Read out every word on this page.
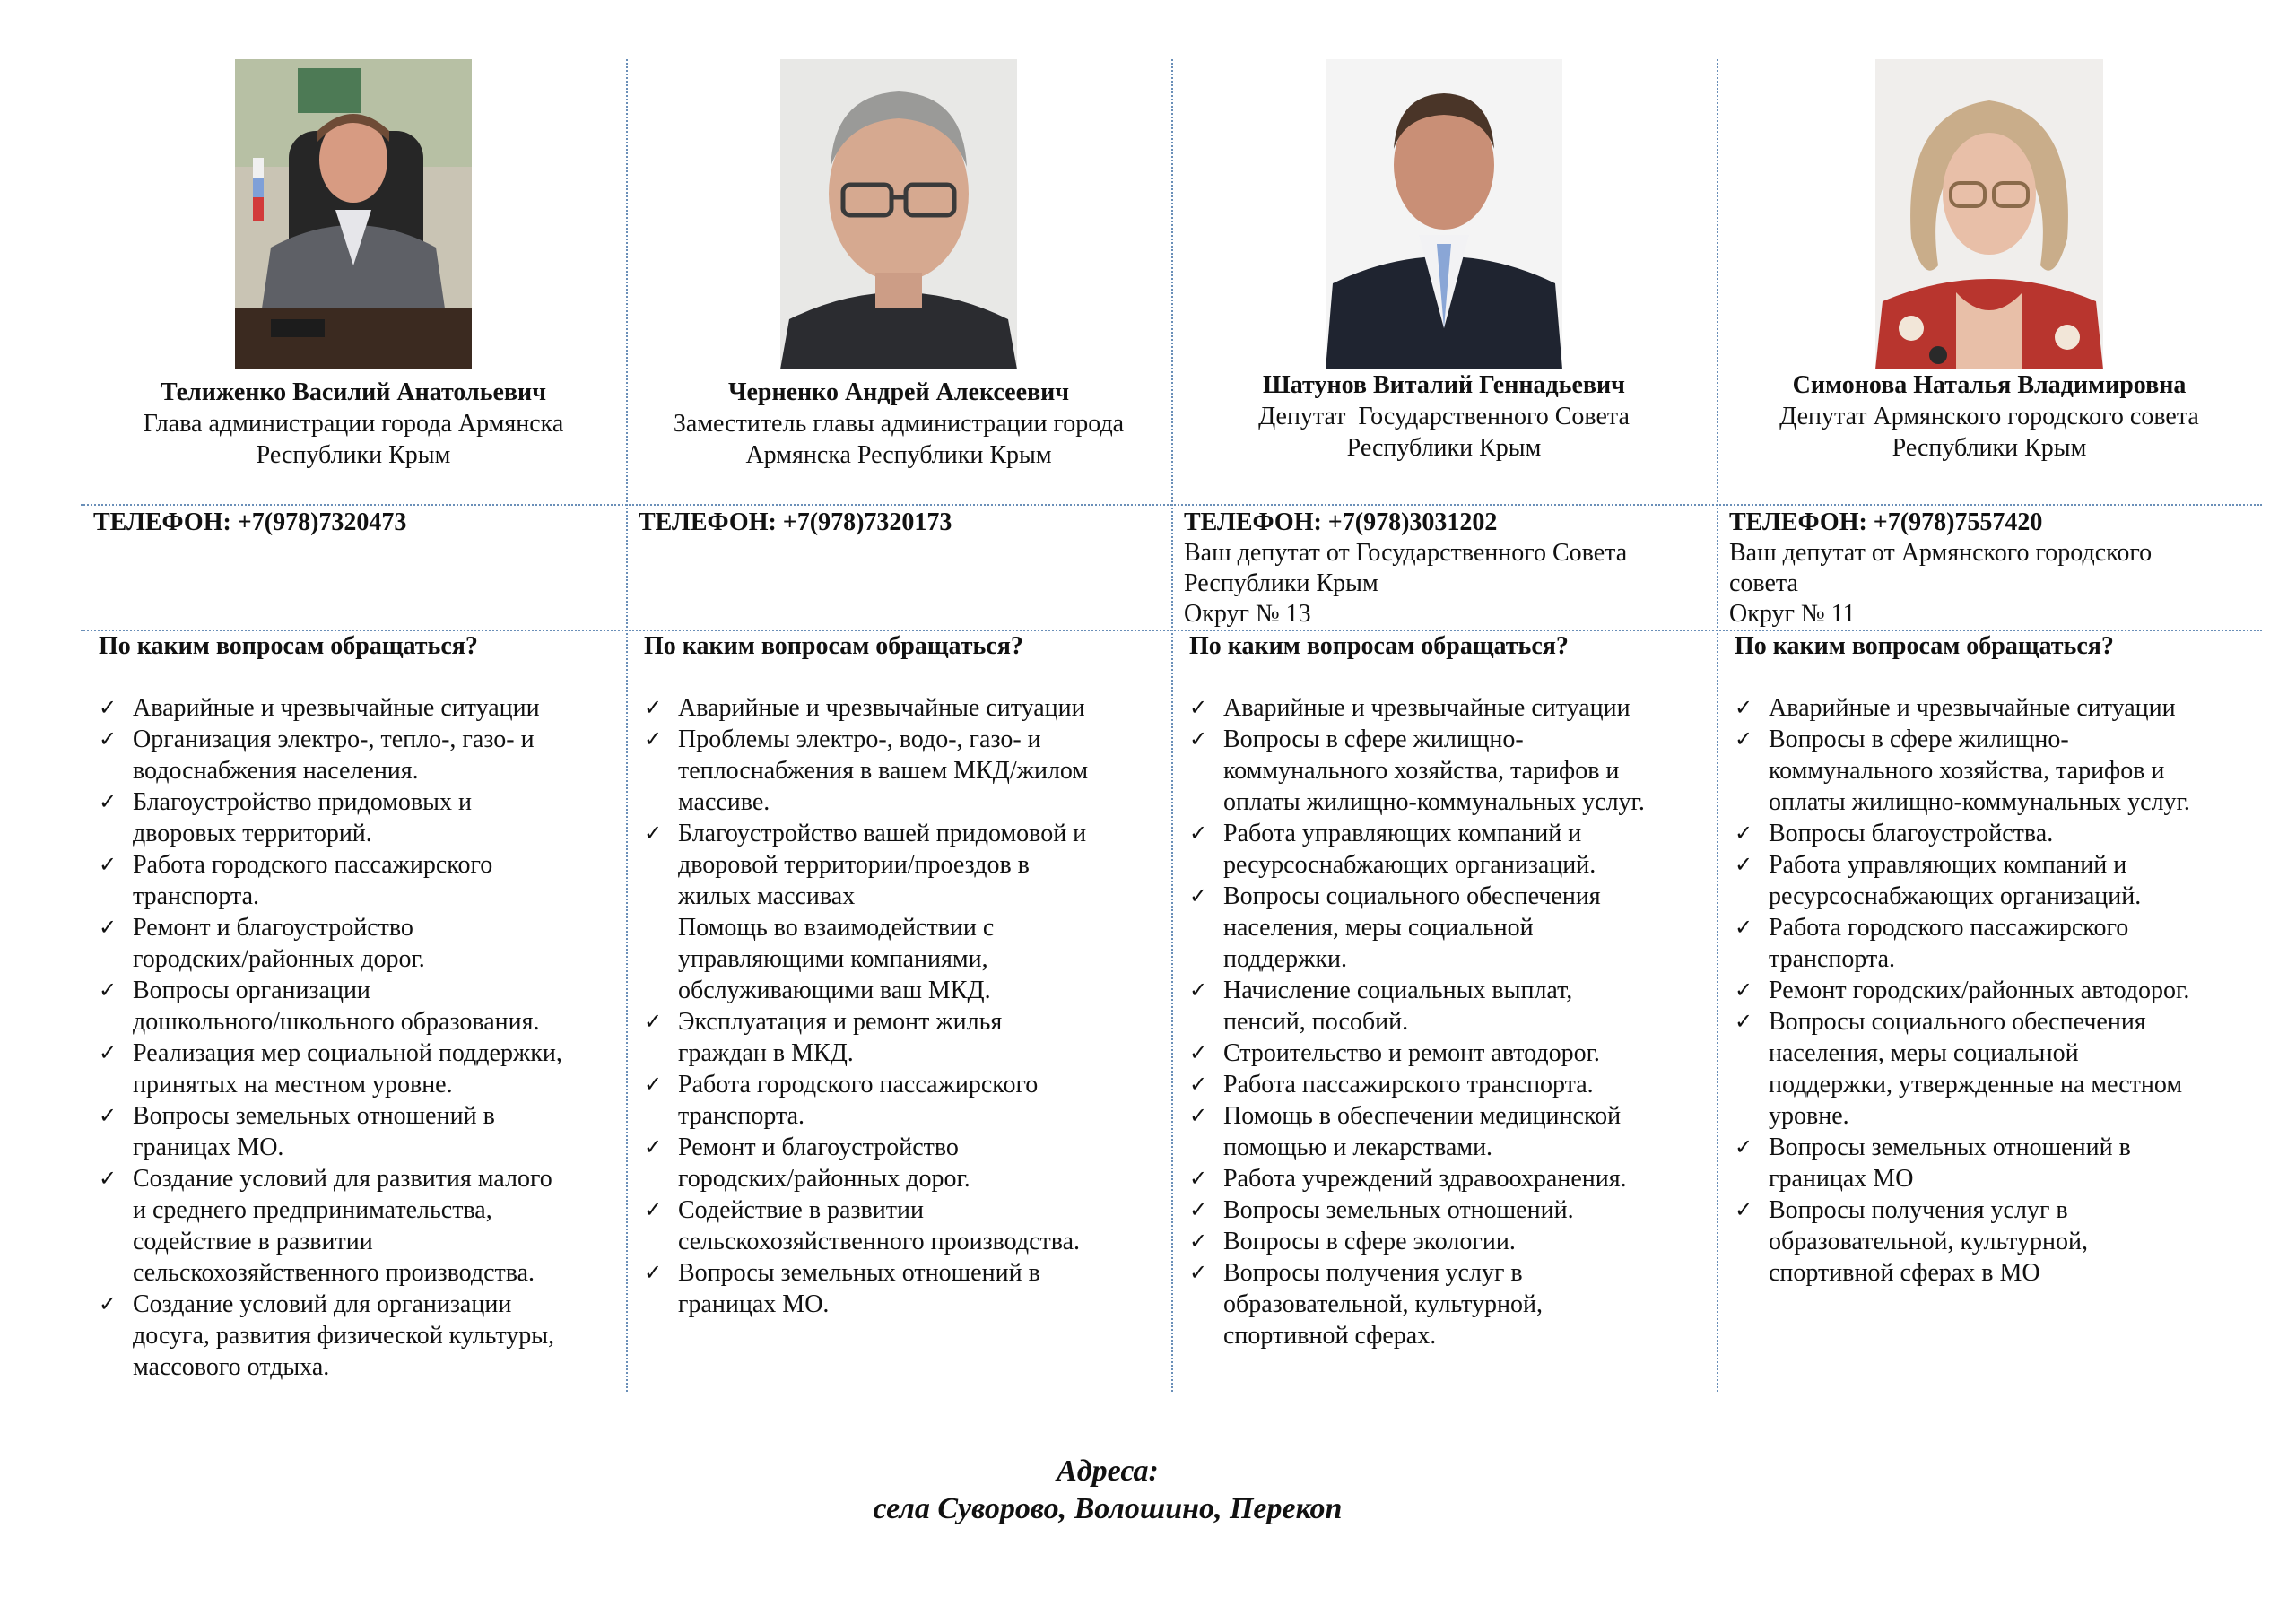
Телиженко Василий Анатольевич
Глава администрации города Армянска
Республики Крым
ТЕЛЕФОН: +7(978)7320473
По каким вопросам обращаться?
✓ Аварийные и чрезвычайные ситуации
✓ Организация электро-, тепло-, газо- и
водоснабжения населения.
✓ Благоустройство придомовых и
дворовых территорий.
✓ Работа городского пассажирского
транспорта.
✓ Ремонт и благоустройство
городских/районных дорог.
✓ Вопросы организации
дошкольного/школьного образования.
✓ Реализация мер социальной поддержки,
принятых на местном уровне.
✓ Вопросы земельных отношений в
границах МО.
✓ Создание условий для развития малого
и среднего предпринимательства,
содействие в развитии
сельскохозяйственного производства.
✓ Создание условий для организации
досуга, развития физической культуры,
массового отдыха.
Черненко Андрей Алексеевич
Заместитель главы администрации города
Армянска Республики Крым
ТЕЛЕФОН: +7(978)7320173
По каким вопросам обращаться?
✓ Аварийные и чрезвычайные ситуации
✓ Проблемы электро-, водо-, газо- и
теплоснабжения в вашем МКД/жилом
массиве.
✓ Благоустройство вашей придомовой и
дворовой территории/проездов в
жилых массивах
Помощь во взаимодействии с
управляющими компаниями,
обслуживающими ваш МКД.
✓ Эксплуатация и ремонт жилья
граждан в МКД.
✓ Работа городского пассажирского
транспорта.
✓ Ремонт и благоустройство
городских/районных дорог.
✓ Содействие в развитии
сельскохозяйственного производства.
✓ Вопросы земельных отношений в
границах МО.
Шатунов Виталий Геннадьевич
Депутат  Государственного Совета
Республики Крым
ТЕЛЕФОН: +7(978)3031202
Ваш депутат от Государственного Совета
Республики Крым
Округ № 13
По каким вопросам обращаться?
✓ Аварийные и чрезвычайные ситуации
✓ Вопросы в сфере жилищно-
коммунального хозяйства, тарифов и
оплаты жилищно-коммунальных услуг.
✓ Работа управляющих компаний и
ресурсоснабжающих организаций.
✓ Вопросы социального обеспечения
населения, меры социальной
поддержки.
✓ Начисление социальных выплат,
пенсий, пособий.
✓ Строительство и ремонт автодорог.
✓ Работа пассажирского транспорта.
✓ Помощь в обеспечении медицинской
помощью и лекарствами.
✓ Работа учреждений здравоохранения.
✓ Вопросы земельных отношений.
✓ Вопросы в сфере экологии.
✓ Вопросы получения услуг в
образовательной, культурной,
спортивной сферах.
Симонова Наталья Владимировна
Депутат Армянского городского совета
Республики Крым
ТЕЛЕФОН: +7(978)7557420
Ваш депутат от Армянского городского
совета
Округ № 11
По каким вопросам обращаться?
✓ Аварийные и чрезвычайные ситуации
✓ Вопросы в сфере жилищно-
коммунального хозяйства, тарифов и
оплаты жилищно-коммунальных услуг.
✓ Вопросы благоустройства.
✓ Работа управляющих компаний и
ресурсоснабжающих организаций.
✓ Работа городского пассажирского
транспорта.
✓ Ремонт городских/районных автодорог.
✓ Вопросы социального обеспечения
населения, меры социальной
поддержки, утвержденные на местном
уровне.
✓ Вопросы земельных отношений в
границах МО
✓ Вопросы получения услуг в
образовательной, культурной,
спортивной сферах в МО
Адреса:
села Суворово, Волошино, Перекоп
